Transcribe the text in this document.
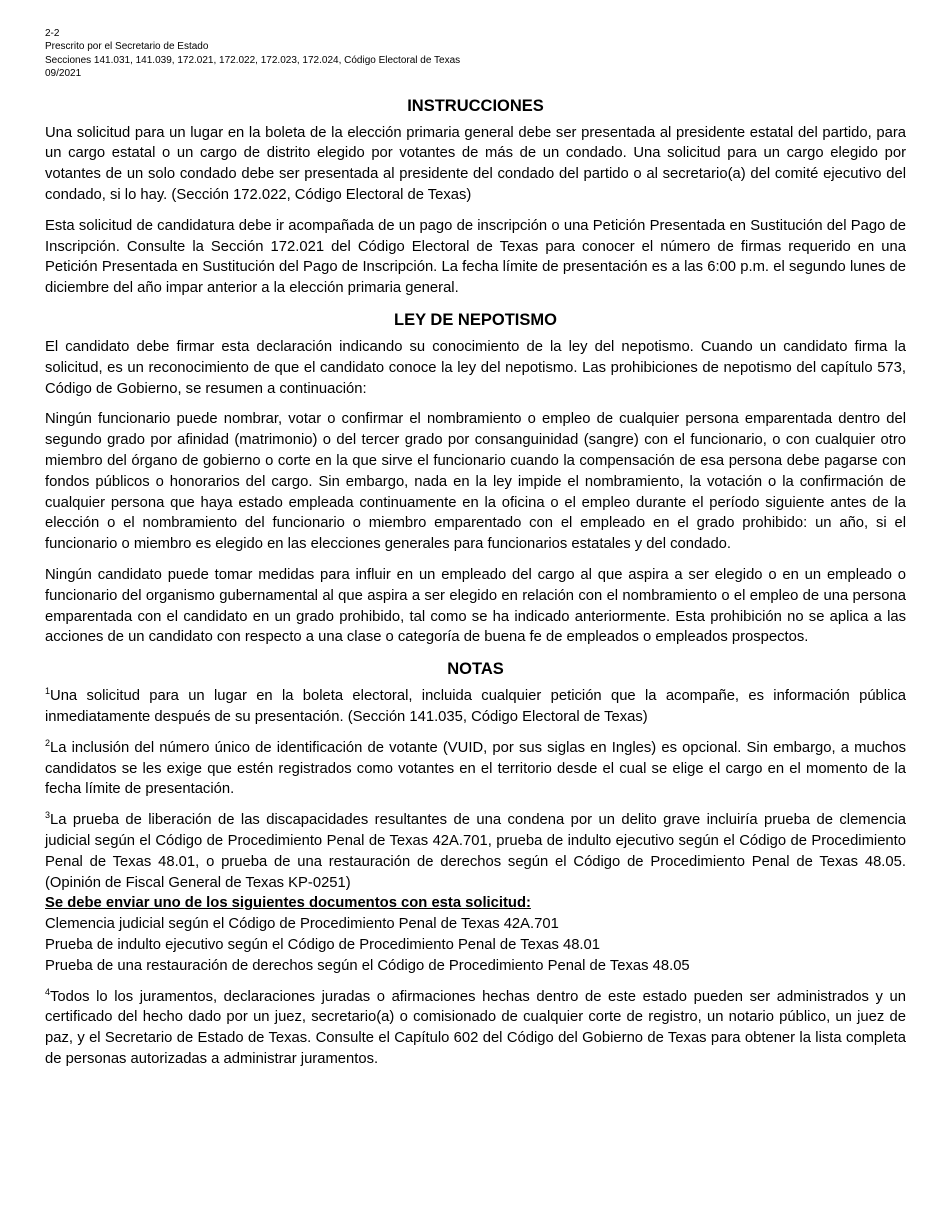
2-2
Prescrito por el Secretario de Estado
Secciones 141.031, 141.039, 172.021, 172.022, 172.023, 172.024, Código Electoral de Texas
09/2021
INSTRUCCIONES

Una solicitud para un lugar en la boleta de la elección primaria general debe ser presentada al presidente estatal del partido, para un cargo estatal o un cargo de distrito elegido por votantes de más de un condado. Una solicitud para un cargo elegido por votantes de un solo condado debe ser presentada al presidente del condado del partido o al secretario(a) del comité ejecutivo del condado, si lo hay. (Sección 172.022, Código Electoral de Texas)

Esta solicitud de candidatura debe ir acompañada de un pago de inscripción o una Petición Presentada en Sustitución del Pago de Inscripción. Consulte la Sección 172.021 del Código Electoral de Texas para conocer el número de firmas requerido en una Petición Presentada en Sustitución del Pago de Inscripción. La fecha límite de presentación es a las 6:00 p.m. el segundo lunes de diciembre del año impar anterior a la elección primaria general.

LEY DE NEPOTISMO

El candidato debe firmar esta declaración indicando su conocimiento de la ley del nepotismo. Cuando un candidato firma la solicitud, es un reconocimiento de que el candidato conoce la ley del nepotismo. Las prohibiciones de nepotismo del capítulo 573, Código de Gobierno, se resumen a continuación:

Ningún funcionario puede nombrar, votar o confirmar el nombramiento o empleo de cualquier persona emparentada dentro del segundo grado por afinidad (matrimonio) o del tercer grado por consanguinidad (sangre) con el funcionario, o con cualquier otro miembro del órgano de gobierno o corte en la que sirve el funcionario cuando la compensación de esa persona debe pagarse con fondos públicos o honorarios del cargo. Sin embargo, nada en la ley impide el nombramiento, la votación o la confirmación de cualquier persona que haya estado empleada continuamente en la oficina o el empleo durante el período siguiente antes de la elección o el nombramiento del funcionario o miembro emparentado con el empleado en el grado prohibido: un año, si el funcionario o miembro es elegido en las elecciones generales para funcionarios estatales y del condado.

Ningún candidato puede tomar medidas para influir en un empleado del cargo al que aspira a ser elegido o en un empleado o funcionario del organismo gubernamental al que aspira a ser elegido en relación con el nombramiento o el empleo de una persona emparentada con el candidato en un grado prohibido, tal como se ha indicado anteriormente. Esta prohibición no se aplica a las acciones de un candidato con respecto a una clase o categoría de buena fe de empleados o empleados prospectos.

NOTAS

$^1$Una solicitud para un lugar en la boleta electoral, incluida cualquier petición que la acompañe, es información pública inmediatamente después de su presentación. (Sección 141.035, Código Electoral de Texas)

$^2$La inclusión del número único de identificación de votante (VUID, por sus siglas en Ingles) es opcional. Sin embargo, a muchos candidatos se les exige que estén registrados como votantes en el territorio desde el cual se elige el cargo en el momento de la fecha límite de presentación.

$^3$La prueba de liberación de las discapacidades resultantes de una condena por un delito grave incluiría prueba de clemencia judicial según el Código de Procedimiento Penal de Texas 42A.701, prueba de indulto ejecutivo según el Código de Procedimiento Penal de Texas 48.01, o prueba de una restauración de derechos según el Código de Procedimiento Penal de Texas 48.05. (Opinión de Fiscal General de Texas KP-0251)

Se debe enviar uno de los siguientes documentos con esta solicitud:
Clemencia judicial según el Código de Procedimiento Penal de Texas 42A.701
Prueba de indulto ejecutivo según el Código de Procedimiento Penal de Texas 48.01
Prueba de una restauración de derechos según el Código de Procedimiento Penal de Texas 48.05

$^4$Todos lo los juramentos, declaraciones juradas o afirmaciones hechas dentro de este estado pueden ser administrados y un certificado del hecho dado por un juez, secretario(a) o comisionado de cualquier corte de registro, un notario público, un juez de paz, y el Secretario de Estado de Texas. Consulte el Capítulo 602 del Código del Gobierno de Texas para obtener la lista completa de personas autorizadas a administrar juramentos.
